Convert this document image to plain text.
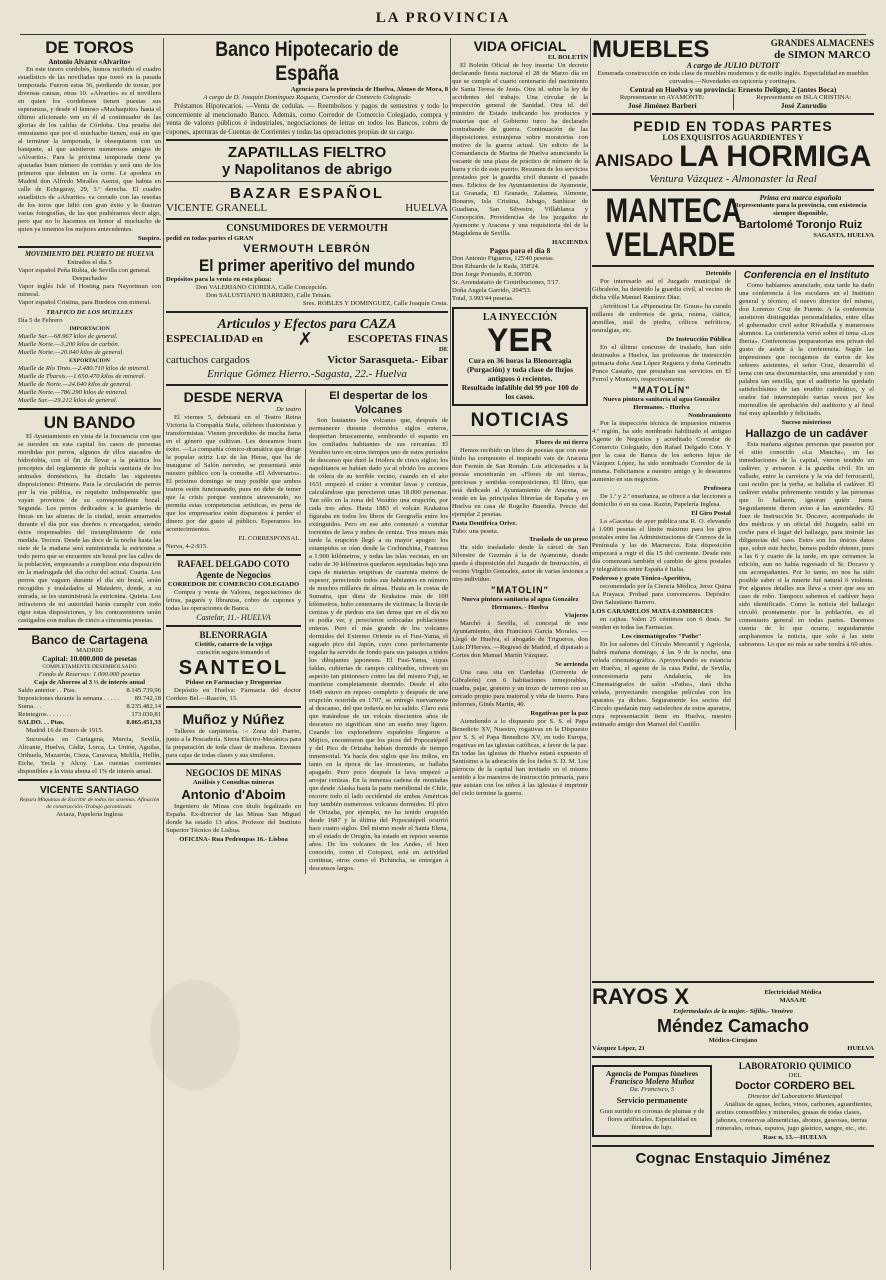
LA PROVINCIA
DE TOROS
Antonio Alvarez «Alvarito»

En este torero cordobés, hemos recibido el cuadro estadístico de las novilladas que toreó en la pasada temporada. Fueron estas 36, perdiendo de torear, por diversas causas, otras 10. «Alvarito» es el novillero en quien los cordobeses tienen puestas sus esperanzas, y desde el famoso «Machaquito» hasta el último aficionado ven en él al continuador de las glorias de los califas de Córdoba. Una prueba del entusiasmo que por el muchacho tienen, está en que al terminar la temporada, le obsequiaron con un banquete, al que asistieron numerosos amigos de «Alvarito». Para la próxima temporada tiene ya ajustadas buen número de corridas y será uno de los primeros que debuten en la corte. Le apodera en Madrid don Alfredo Miralles Asensi, que habita en calle de Echegaray, 29, 3.º derecha. El cuadro estadístico de «Alvarito» va cerrado con las reseñas de los toros que lidió con gran éxito y le ilustran varias fotografías, de las que pudiéramos decir algo, pero que no lo hacemos en honor al muchacho de quien ya tenemos los mejores antecedentes.

Suspiro.
MOVIMIENTO DEL PUERTO DE HUELVA
Entrados el día 5
Vapor español Peña Rubia, de Sevilla con general.
Despachados
Vapor inglés Isle of Hosting para Nayortmun con mineral.
Vapor español Cristina, para Burdeos con mineral.
TRAFICO DE LOS MUELLES
Día 5 de Febrero
IMPORTACION
Muelle Sur.—68.967 kilos de general.
Muelle Norte.—3.200 kilos de carbón.
Muelle Norte.—20.040 kilos de general.
EXPORTACION
Muelle de Río Tinto.—2.480.710 kilos de mineral.
Muelle de Tharsis.—1.650.470 kilos de mineral.
Muelle de Norte.—24.640 kilos de general.
Muelle Norte.—786.290 kilos de mineral.
Muelle Sur.—29.212 kilos de general.
UN BANDO

El Ayuntamiento en vista de la frecuencia con que se suceden en esta capital los casos de personas mordidas por perros, algunos de ellos atacados de hidrofobia, con el fin de llevar a la práctica los preceptos del reglamento de policía sanitaria de los animales domésticos, ha dictado las siguientes disposiciones: Primera. Para la circulación de perros por la vía pública, es requisito indispensable que vayan provistos de su correspondiente bozal. Segunda. Los perros dedicados a la guardería de fincas en las afueras de la ciudad, serán amarrados durante el día por sus dueños o encargados, siendo éstos responsables del incumplimiento de esta medida. Tercera. Desde las doce de la noche hasta las siete de la mañana será suministrada la estricnina a todo perro que se encuentre sin bozal por las calles de la población, empezando a cumplirse esta disposición en la madrugada del día ocho del actual. Cuarta. Los perros que vaguen durante el día sin bozal, serán recogidos y trasladados al Matadero, donde, a su entrada, se les suministrará la estricnina. Quinta. Los infractores de mi autoridad harán cumplir con todo rigor estas disposiciones, y los contraventores serán castigados con multas de cinco a cincuenta pesetas.

Banco de Cartagena
MADRID
Capital: 10.000.000 de pesetas
COMPLETAMENTE DESEMBOLSADO
Fondo de Reservas: 1.000.000 pesetas
Caja de Ahorros al 3 ⅓ de interés anual
Saldo anterior . . Ptas.	8.145.739,96
Imposiciones durante la semana . . . . . 89.742,18
Suma. . .	8.235.482,14
Reintegros. . . . . . . .	173.030,81
SALDO. . . Ptas.	8.065.451,33

Madrid 16 de Enero de 1915.

Sucursales en Cartagena, Murcia, Sevilla, Alicante, Huelva, Cádiz, Lorca, La Unión, Aguilas, Orihuela, Mazarrón, Cieza, Caravaca, Melilla, Hellín, Eiche, Yecla y Alcoy. Las cuentas corrientes disponibles a la vista abona el 1% de interés anual.

VICENTE SANTIAGO
Repara Máquinas de Escribir de todos los sistemas. Afinación de construcción.-Trabajo garantizado.
Aviaza, Papelería Inglesa
Banco Hipotecario de España
Agencia para la provincia de Huelva, Alonso de Mora, 8
A cargo de D. Joaquín Domínguez Roqueta, Corredor de Comercio Colegiado

Préstamos Hipotecarios. —Venta de cedulas. — Reembolsos y pagos de semestres y todo lo concerniente al mencionado Banco. Además, como Corredor de Comercio Colegiado, compra y venta de valores públicos é industriales, negociaciones de letras en todos los Bancos, cobro de cupones, aperturas de Cuentas de Corrientes y todas las operaciones propias de su cargo.

ZAPATILLAS FIELTRO
y Napolitanos de abrigo
BAZAR ESPAÑOL
VICENTE GRANELL	HUELVA
CONSUMIDORES DE VERMOUTH
pedid en todas partes el GRAN
VERMOUTH LEBRÓN
El primer aperitivo del mundo
Depósitos para la venta en esta plaza:
Don VALERIANO CIORDIA, Calle Concepción.
Don SALUSTIANO BARRERO, Calle Tetuán.
Sres. ROBLES Y DOMINGUEZ, Calle Joaquín Costa.
Articulos y Efectos para CAZA
ESPECIALIDAD en ✗	ESCOPETAS FINAS
DE
cartuchos cargados	Victor Sarasqueta.- Eibar
Enrique Gómez Hierro.-Sagasta, 22.- Huelva
DESDE NERVA
De teatro

El viernes 5, debutará en el Teatro Reina Victoria la Compañía Stela, célebres ilusionistas y transformistas. Vienen precedidos de mucha fama en el género que cultivan. Les deseamos buen éxito. —La compañía cómico-dramática que dirige la popular actriz Luz de las Heras, que ha de inaugurar el Salón nerveño, se presentará ante nuestro público con la comedia «El Adversario». El próximo domingo se muy posible que ambos teatros estén funcionando, pues no debe de temer que la crisis porque venimos atravesando, no permita estas competencias artísticas, es pena de que los empresarios estén dispuestos á perder el dinero por dar gusto al público. Esperamos los acontecimientos.

EL CORRESPONSAL.
Nerva, 4-2-915.
RAFAEL DELGADO COTO
Agente de Negocios
CORREDOR DE COMERCIO COLEGIADO

Compra y venta de Valores, negociaciones de letras, pagarés y libranzas, cobro de cupones y todas las operaciones de Banca.

Castelar, 11.- HUELVA
BLENORRAGIA
Cistitis, catarro de la vejiga
curación segura tomando el
SANTEOL
Pidase en Farmacias y Droguerías

Depósito en Huelva: Farmacia del doctor Cordero Bel.—Rascón, 13.

Muñoz y Núñez

Talleres de carpintería. :-: Zona del Puerto, junto a la Pescadería. Sierra Electro-Mecánica para la preparación de toda clase de maderas. Envases para cajas de todas clases y sus similares.

NEGOCIOS DE MINAS
Análisis y Consultas mineras
Antonio d'Aboim

Ingeniero de Minas con título legalizado en España. Ex-director de las Minas San Miguel donde ha estado 13 años. Profesor del Instituto Superior Técnico de Lisboa.

OFICINA- Rua Pedroupas 16.- Lisboa
El despertar de los Volcanes

Son bastantes los volcanes que, después de permanecer durante dormidos siglos enteros, despiertan bruscamente, sembrando el espanto en los confiados habitantes de sus cercanías. El Vesubio tuvo en otros tiempos uno de estos períodos de descanso que duró la friolera de cinco siglos; los napolitanos se habían dado ya al olvido los accesos de cólera de su terrible vecino, cuando en el año 1631 empezó el cráter a vomitar lavas y cenizas, calculándose que perecieron unas 18.000 personas. Tan sólo en la zona del Vesubio una erupción, por cada tres años. Hasta 1883 el volcán Krakatoa figuraba en todos los libros de Geografía entre los extinguidos. Pero en ese año comenzó a vomitar torrentes de lava y nubes de ceniza. Tres meses más tarde la erupción llegó a su mayor apogeo: los estampidos se oían desde la Cochinchina, Francesa a 1.900 kilómetros, y todas las islas vecinas, en un radio de 30 kilómetros quedaron sepultadas bajo una capa de materias eruptivas de cuarenta metros de espesor, pereciendo todos sus habitantes en número de muchos millares de almas. Hasta en la costas de Sumatra, que dista de Krakatoa más de 100 kilómetros, hubo centenares de víctimas; la lluvia de cenizas y de piedras era tan densa que en el día no se podía ver, y perecieron sofocadas poblaciones enteras. Pero el más grande de los volcanes dormidos del Extremo Oriente es el Fusi-Yama, el sagrado pico del Japón, cuyo cono perfectamente regular ha servido de fondo para sus paisajes a todos los dibujantes japoneses. El Fusi-Yama, cuyas faldas, cubiertas de campos cultivados, ofrecen un aspecto tan pintoresco como las del mismo Fuji, se mantiene completamente dormido. Desde el año 1649 estuvo en reposo completo y después de una erupción ocurrida en 1707, se entregó nuevamente al descanso, del que todavía no ha salido. Claro está que tratándose de un volcán doscientos años de descanso no significan sino un sueño muy ligero. Cuando los exploradores españoles llegaron a Méjico, encontraron que los picos del Popocatépetl y del Pico de Orizaba habían dormido de tiempo inmemorial. Ya hacía dos siglos que los indios, en tanto en la época de las invasiones, se hallaba apagado. Pero poco después la lava empezó a arrojar cenizas. En la inmensa cadena de montañas que desde Alaska hasta la parte meridional de Chile, recorre todo el lado occidental de ambas Américas hay también numerosos volcanes dormidos. El pico de Orizaba, por ejemplo, no ha tenido erupción desde 1687 y la última del Popocatépetl ocurrió hace cuatro siglos. Del mismo modo el Santa Elena, en el estado de Oregón, ha estado en reposo sesenta años. De los volcanes de los Andes, el bien conocido, como el Cotopaxi, está en actividad continua, otros como el Pichincha, se entregan á descansos largos.

VIDA OFICIAL
EL BOLETÍN

El Boletín Oficial de hoy inserta: Un decreto declarando fiesta nacional el 28 de Marzo día en que se cumple el cuarto centenario del nacimiento de Santa Teresa de Jesús. Otra id. sobre la ley de accidentes del trabajo. Una circular de la inspección general de Sanidad. Otra id. del ministro de Estado indicando los productos y materias que el Gobierno turco ha declarado contrabando de guerra. Continuación de las disposiciones extranjeras sobre moratorias con motivo de la guerra actual. Un edicto de la Comandancia de Marina de Huelva anunciando la vacante de una plaza de práctico de número de la barra y río de este puerto. Resumen de los servicios prestados por la guardia civil durante el pasado mes. Edictos de los Ayuntamientos de Ayamonte, La Granada, El Granado, Zalamea, Almonte, Bonares, Isla Cristina, Jabugo, Sanlúcar de Guadiana, San Silvestre, Villablanca y Concepción. Providencias de los juzgados de Ayamonte y Aracena y una requisitoria del de la Magdalena de Sevilla.

HACIENDA
Pagos para el día 8
Don Antonio Figueros, 125'40 pesetas.
Don Eduardo de la Rada, 358'24.
Don Jorge Portundo, 8.300'00.
Sr. Arrendatario de Contribuciones, 5'17.
Doña Angela Garrido, 204'53.
Total, 3.993'44 pesetas.
LA INYECCIÓN
YER
Cura en 36 horas la Blenorragia (Purgación) y toda clase de flujos antiguos ó recientes.
Resultado infalible del 99 por 100 de los casos.
NOTICIAS
Flores de mi tierra

Hemos recibido un libro de poesías que con este título ha compuesto el inspirado vate de Aracena don Fermín de San Román. Los aficionados a la poesía encontrarán en «Flores de mi tierra», preciosas y sentidas composiciones. El libro, que está dedicado al Ayuntamiento de Aracena, se vende en las principales librerías de España y en Huelva en casa de Rogelio Buendía. Precio del ejemplar 2 pesetas.

Pasta Dentífrica Orive.
Tubo: una peseta.
Traslado de un preso

Ha sido trasladado desde la cárcel de San Silvestre de Guzmán á la de Ayamonte, donde queda á disposición del Juzgado de Instrucción, el vecino Virgilio Gonzalez, autor de varias lesiones a otro individuo.

"MATOLIN"
Nueva pintura sanitaria al agua González Hermanos. - Huelva
Viajeros

Marchó á Sevilla, el concejal de este Ayuntamiento, don Francisco García Morales. —Llegó de Huelva, el abogado de Trigueros, don Luís D'Herves. —Regresó de Madrid, el diputado a Cortes don Manuel Martín Vázquez.

Se arrienda

Una casa sita en Cardeñas (Cerrereta de Gibraleón) con 6 habitaciones inmejorables, cuadra, pajar, granero y un trozo de terreno con su cercado propio para matorral y viña de hierro. Para informes, Ginés Martín, 40.

Rogativas por la paz

Atendiendo a lo dispuesto por S. S. el Papa Benedicto XV, Nuestro, rogativas en la Dispuesto por S. S. el Papa Benedicto XV, en todo Europa, rogativas en las iglesias católicas, a favor de la paz. En todas las iglesias de Huelva estará expuesto el Santísimo a la adoración de los fieles S. D. M. Los párrocos de la capital han invitado en el mismo sentido a los maestros de instrucción primaria, para que asistan con los niños á las iglesias é imprimir del cielo termine la guerra.

MUEBLES	GRANDES ALMACENES
de SIMON MARCO
A cargo de JULIO DUTOIT
Esmerada construcción en toda clase de muebles modernos y de estilo inglés. Especialidad en muebles curvados.—Novedades en tapicería y cortinajes.
Central en Huelva y su provincia: Ernesto Deligny, 2 (antes Boca)
Representante en AYAMONTE:
José Jiménez Barberí
Representante en ISLA CRISTINA:
José Zanrudio
PEDID EN TODAS PARTES
LOS EXQUISITOS AGUARDIENTES Y
ANISADO LA HORMIGA
Ventura Vázquez - Almonaster la Real
MANTECA
VELARDE
Prima era marca española
Representante para la provincia, con existencia siempre disponible,
Bartolomé Toronjo Ruiz
SAGASTA, HUELVA
Detenido

Por interesarlo así el Juzgado municipal de Gibraleón, ha detenido la guardia civil, al vecino de dicha villa Manuel Ramírez Díaz.

¡Artríticos! La «Piperazina Dr. Graus» ha curado millares de enfermos de gota, reuma, ciática, arenillas, mal de piedra, cólicos nefríticos, neuralgias, etc.

De Instrucción Pública

En el último concurso de traslado, han sido destinados a Huelva, las profesoras de instrucción primaria doña Ana López Reguera y doña Gertrudis Ponce Castaño, que prestaban sus servicios en El Ferrol y Montoro, respectivamente.

"MATOLÍN"
Nueva pintura sanitaria al agua González Hermanos. - Huelva
Nombramiento

Por la inspección técnica de impuestos mineros 4.ª región, ha sido nombrado habilitado el antiguo Agente de Negocios y acreditado Corredor de Comercio Colegiado, don Rafael Delgado Coto. Y por la casa de Banca de los señores hijos de Vázquez López, ha sido nombrado Corredor de la misma. Felicitamos a nuestro amigo y le deseamos aumento en sus negocios.

Profesora

De 1.ª y 2.ª enseñanza, se ofrece a dar lecciones a domicilio ó en su casa. Razón, Papelería Inglesa.

El Giro Postal

La «Gaceta» de ayer publica una R. O. elevando á 1.000 pesetas el límite máximo para los giros postales entre las Administraciones de Correos de la Península y las de Marruecos. Esta disposición empezará a regir el día 15 del corriente. Desde este día comenzará también el cambio de giros postales y telegráficos entre España é Italia.

Poderoso y grato Tónico-Aperitivo,

recomendado por la Ciencia Médica, Jerez Quina La Prayaca. Probad para convenceros. Depósito: Don Salustiano Barrero.

LOS CARAMELOS MATA-LOMBRICES

en cajitas. Valen 25 céntimos con 6 dosis. Se venden en todas las Farmacias.

Los cinematógrafos "Pathe"

En los salones del Círculo Mercantil y Agrícola, habrá mañana domingo, á las 9 de la noche, una velada cinematográfica. Aprovechando su estancia en Huelva, el agente de la casa Pathé, de Sevilla, concesionaria para Andalucía, de los Cinematógrafos de salón «Pathe», dará dicha velada, proyectando escogidas películas con los aparatos ya dichos. Seguramente los socios del Círculo quedarán muy satisfechos de estos aparatos, cuya representación tiene en Huelva, nuestro estimado amigo don Manuel del Castillo.

Conferencia en el Instituto

Como habíamos anunciado, esta tarde ha dado una conferencia á los escolares en el Instituto general y técnico, el nuevo director del mismo, don Lorenzo Cruz de Fuente. A la conferencia asistieron distinguidas personalidades, entre ellas el gobernador civil señor Rivadulla y numerosos alumnos. La conferencia versó sobre el tema «Los Iberia». Conferencias preparatorias nos privan del gusto de asistir á la conferencia. Según las impresiones que recogemos de varios de los señores asistentes, el señor Cruz, desarrolló el tema con una documentación, una amenidad y con palabra tan sencilla, que el auditorio ha quedado satisfechísimo de tan erudito catedrático, y el orador fué interrumpido varias veces por los murmullos de aprobación del auditorio y al final fué muy aplaudido y felicitado.

Suceso misterioso
Hallazgo de un cadáver

Esta mañana algunas personas que pasaron por el sitio conocido «La Mancha», en las inmediaciones de la capital, vieron tendido un cadáver, y avisaron á la guardia civil. En un vallado, entre la carretera y la vía del ferrocarril, casi oculto por la yerba, se hallaba el cadáver. El cadáver estaba pobremente vestido y las personas que lo hallaron, ignoran quién fuera. Seguidamente dieron aviso á las autoridades. El Juez de Instrucción Sr. Docavo, acompañado de dos médicos y un oficial del Juzgado, salió en coche para el lugar del hallazgo, para instruir las diligencias del caso. Estos son los únicos datos que, sobre este hecho, hemos podido obtener, pues a las 6 y cuarto de la tarde, en que cerramos la edición, aun no había regresado el Sr. Docavo y sus acompañantes. Por lo tanto, no nos ha sido posible saber si la muerte fué natural ó violenta. Por algunos detalles nos lleva a creer que sea un caso de robo. Tampoco sabemos el cadáver haya sido identificado. Como la noticia del hallazgo circuló prontamente por la población, es el comentario general en todas partes. Daremos cuenta de lo que ocurra, seguidamente ampliaremos la noticia, que solo á las siete sabremos. Lo que no más se sabe tendrá á 60 años.

RAYOS X	Electricidad Médica
MASAJE
Enfermedades de la mujer.- Sífilis.- Venéreo
Méndez Camacho
Médico-Cirujano
Vázquez López, 21	HUELVA
Agencia de Pompas fúnebres
Francisco Molero Muñoz
Da. Francisco, 5
Servicio permanente
Gran surtido en coronas de plumas y de flores artificiales. Especialidad en féretros de lujo.
LABORATORIO QUIMICO
DEL
Doctor CORDERO BEL
Director del Laboratorio Municipal

Análisis de aguas, leches, vinos, carbones, aguardientes, aceites comestibles y minerales, grasas de todas clases, jabones, conservas alimenticias, abonos, gaseosas, tierras minerales, orinas, esputos, jugo gástrico, sangre, etc., etc.

Rasc n, 13.—HUELVA
Cognac Enstaquio Jiménez
